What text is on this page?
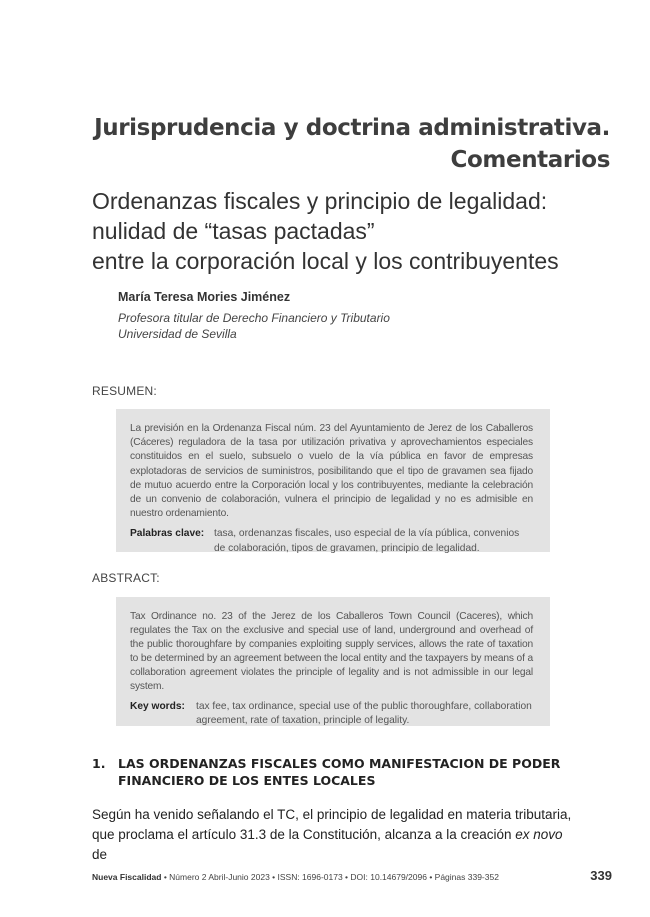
Jurisprudencia y doctrina administrativa.
Comentarios
Ordenanzas fiscales y principio de legalidad:
nulidad de “tasas pactadas”
entre la corporación local y los contribuyentes
María Teresa Mories Jiménez
Profesora titular de Derecho Financiero y Tributario
Universidad de Sevilla
RESUMEN:

La previsión en la Ordenanza Fiscal núm. 23 del Ayuntamiento de Jerez de los Caballeros (Cáceres) reguladora de la tasa por utilización privativa y aprovechamientos especiales constituidos en el suelo, subsuelo o vuelo de la vía pública en favor de empresas explotadoras de servicios de suministros, posibilitando que el tipo de gravamen sea fijado de mutuo acuerdo entre la Corporación local y los contribuyentes, mediante la celebración de un convenio de colaboración, vulnera el principio de legalidad y no es admisible en nuestro ordenamiento.

Palabras clave: tasa, ordenanzas fiscales, uso especial de la vía pública, convenios de colaboración, tipos de gravamen, principio de legalidad.
ABSTRACT:

Tax Ordinance no. 23 of the Jerez de los Caballeros Town Council (Caceres), which regulates the Tax on the exclusive and special use of land, underground and overhead of the public thoroughfare by companies exploiting supply services, allows the rate of taxation to be determined by an agreement between the local entity and the taxpayers by means of a collaboration agreement violates the principle of legality and is not admissible in our legal system.

Key words:	tax fee, tax ordinance, special use of the public thoroughfare, collaboration agreement, rate of taxation, principle of legality.
1.	LAS ORDENANZAS FISCALES COMO MANIFESTACION DE PODER FINANCIERO DE LOS ENTES LOCALES
Según ha venido señalando el TC, el principio de legalidad en materia tributaria, que proclama el artículo 31.3 de la Constitución, alcanza a la creación ex novo de
Nueva Fiscalidad • Número 2 Abril-Junio 2023 • ISSN: 1696-0173 • DOI: 10.14679/2096 • Páginas 339-352	339
